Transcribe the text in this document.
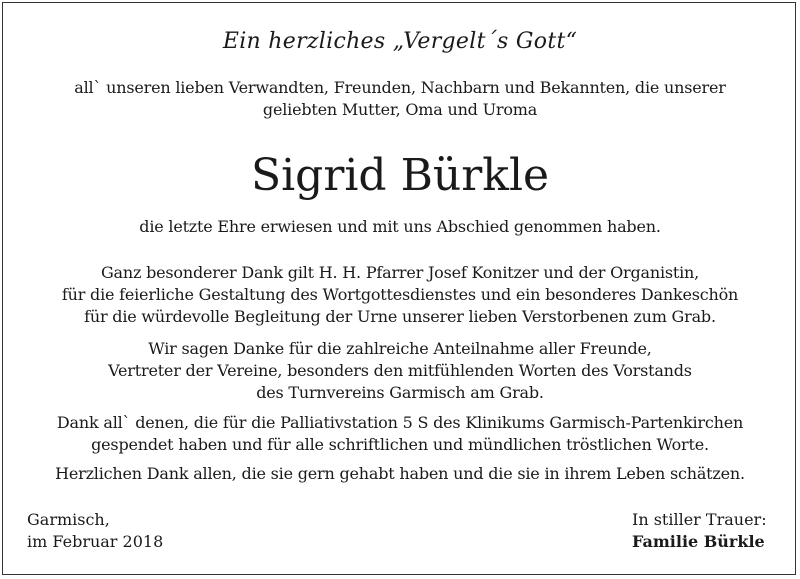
Ein herzliches „Vergelt´s Gott“
all` unseren lieben Verwandten, Freunden, Nachbarn und Bekannten, die unserer
geliebten Mutter, Oma und Uroma
Sigrid Bürkle
die letzte Ehre erwiesen und mit uns Abschied genommen haben.
Ganz besonderer Dank gilt H. H. Pfarrer Josef Konitzer und der Organistin,
für die feierliche Gestaltung des Wortgottesdienstes und ein besonderes Dankeschön
für die würdevolle Begleitung der Urne unserer lieben Verstorbenen zum Grab.
Wir sagen Danke für die zahlreiche Anteilnahme aller Freunde,
Vertreter der Vereine, besonders den mitfühlenden Worten des Vorstands
des Turnvereins Garmisch am Grab.
Dank all` denen, die für die Palliativstation 5 S des Klinikums Garmisch-Partenkirchen
gespendet haben und für alle schriftlichen und mündlichen tröstlichen Worte.
Herzlichen Dank allen, die sie gern gehabt haben und die sie in ihrem Leben schätzen.
Garmisch,
im Februar 2018
In stiller Trauer:
Familie Bürkle
